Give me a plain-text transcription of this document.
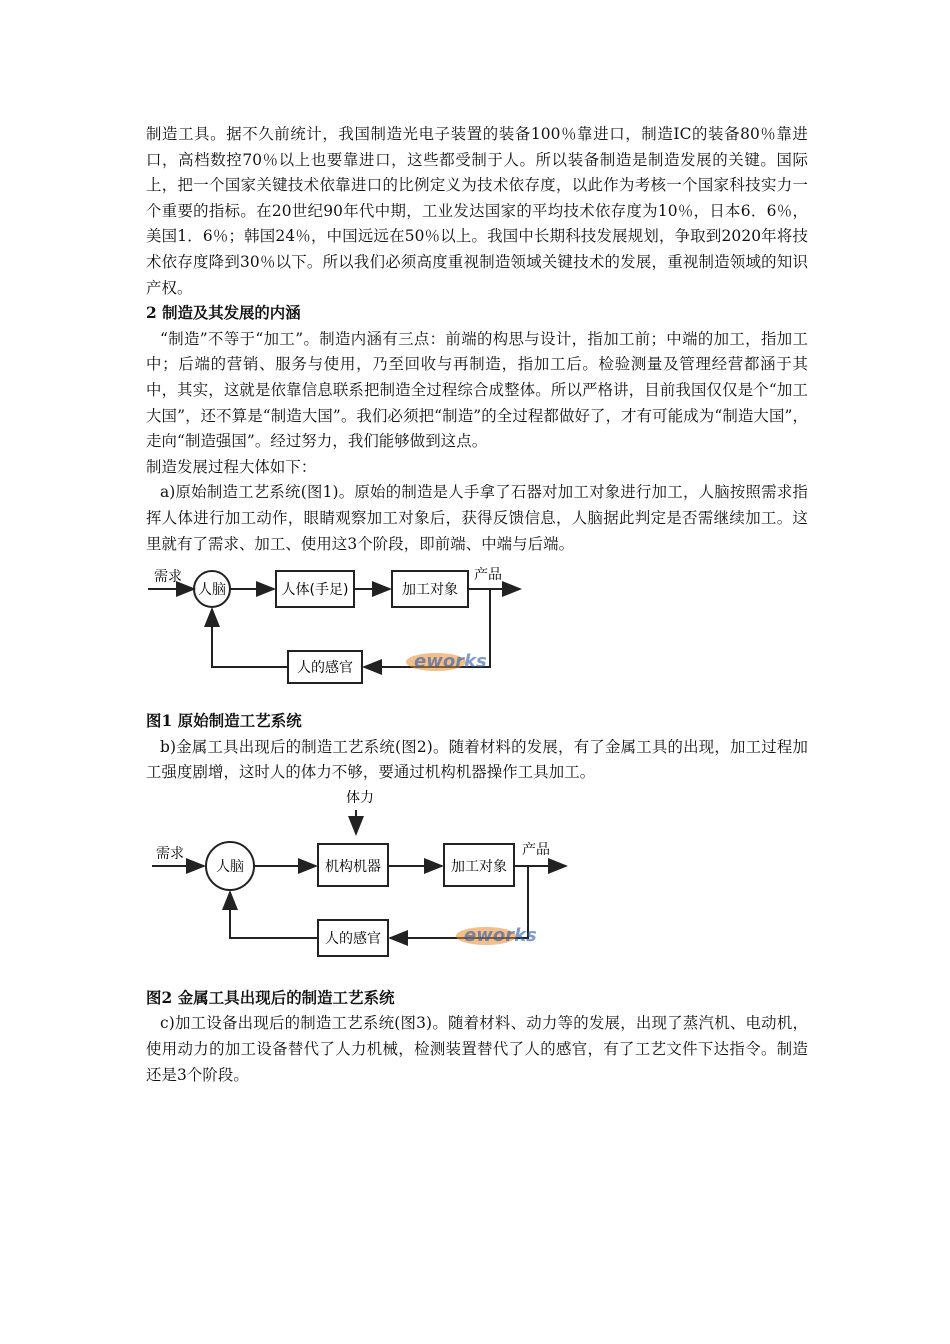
制造工具。据不久前统计，我国制造光电子装置的装备100％靠进口，制造IC的装备80％靠进口，高档数控70％以上也要靠进口，这些都受制于人。所以装备制造是制造发展的关键。国际上，把一个国家关键技术依靠进口的比例定义为技术依存度，以此作为考核一个国家科技实力一个重要的指标。在20世纪90年代中期，工业发达国家的平均技术依存度为10％，日本6．6％，美国1．6％；韩国24％，中国远远在50％以上。我国中长期科技发展规划，争取到2020年将技术依存度降到30％以下。所以我们必须高度重视制造领域关键技术的发展，重视制造领域的知识产权。

2 制造及其发展的内涵

“制造”不等于“加工”。制造内涵有三点：前端的构思与设计，指加工前；中端的加工，指加工中；后端的营销、服务与使用，乃至回收与再制造，指加工后。检验测量及管理经营都涵于其中，其实，这就是依靠信息联系把制造全过程综合成整体。所以严格讲，目前我国仅仅是个“加工大国”，还不算是“制造大国”。我们必须把“制造”的全过程都做好了，才有可能成为“制造大国”，走向“制造强国”。经过努力，我们能够做到这点。

制造发展过程大体如下：

a)原始制造工艺系统(图1)。原始的制造是人手拿了石器对加工对象进行加工，人脑按照需求指挥人体进行加工动作，眼睛观察加工对象后，获得反馈信息，人脑据此判定是否需继续加工。这里就有了需求、加工、使用这3个阶段，即前端、中端与后端。

需求
人脑	人体(手足)	加工对象
产品
人的感官	eworks

图1 原始制造工艺系统

b)金属工具出现后的制造工艺系统(图2)。随着材料的发展，有了金属工具的出现，加工过程加工强度剧增，这时人的体力不够，要通过机构机器操作工具加工。

体力
需求
人脑	机构机器	加工对象
产品
人的感官	eworks

图2 金属工具出现后的制造工艺系统

c)加工设备出现后的制造工艺系统(图3)。随着材料、动力等的发展，出现了蒸汽机、电动机，使用动力的加工设备替代了人力机械，检测装置替代了人的感官，有了工艺文件下达指令。制造还是3个阶段。
